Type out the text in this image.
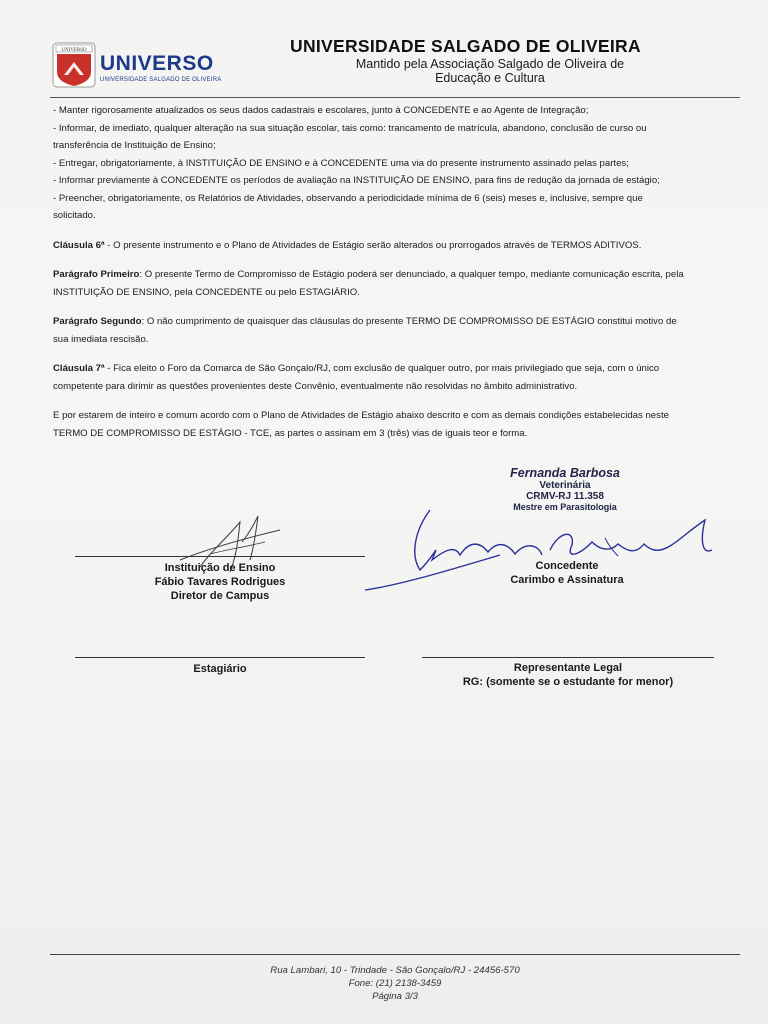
UNIVERSO
UNIVERSO
UNIVERSIDADE SALGADO DE OLIVEIRA
UNIVERSIDADE SALGADO DE OLIVEIRA
Mantido pela Associação Salgado de Oliveira de
Educação e Cultura

- Manter rigorosamente atualizados os seus dados cadastrais e escolares, junto à CONCEDENTE e ao Agente de Integração;

- Informar, de imediato, qualquer alteração na sua situação escolar, tais como: trancamento de matrícula, abandono, conclusão de curso ou

transferência de Instituição de Ensino;

- Entregar, obrigatoriamente, à INSTITUIÇÃO DE ENSINO e à CONCEDENTE uma via do presente instrumento assinado pelas partes;

- Informar previamente à CONCEDENTE os períodos de avaliação na INSTITUIÇÃO DE ENSINO, para fins de redução da jornada de estágio;

- Preencher, obrigatoriamente, os Relatórios de Atividades, observando a periodicidade mínima de 6 (seis) meses e, inclusive, sempre que

solicitado.

Cláusula 6ª - O presente instrumento e o Plano de Atividades de Estágio serão alterados ou prorrogados através de TERMOS ADITIVOS.

Parágrafo Primeiro: O presente Termo de Compromisso de Estágio poderá ser denunciado, a qualquer tempo, mediante comunicação escrita, pela

INSTITUIÇÃO DE ENSINO, pela CONCEDENTE ou pelo ESTAGIÁRIO.

Parágrafo Segundo: O não cumprimento de quaisquer das cláusulas do presente TERMO DE COMPROMISSO DE ESTÁGIO constitui motivo de

sua imediata rescisão.

Cláusula 7ª - Fica eleito o Foro da Comarca de São Gonçalo/RJ, com exclusão de qualquer outro, por mais privilegiado que seja, com o único

competente para dirimir as questões provenientes deste Convênio, eventualmente não resolvidas no âmbito administrativo.

E por estarem de inteiro e comum acordo com o Plano de Atividades de Estágio abaixo descrito e com as demais condições estabelecidas neste

TERMO DE COMPROMISSO DE ESTÁGIO - TCE, as partes o assinam em 3 (três) vias de iguais teor e forma.

Fernanda Barbosa
Veterinária
CRMV-RJ 11.358
Mestre em Parasitologia
Instituição de Ensino
Fábio Tavares Rodrigues
Diretor de Campus
Concedente
Carimbo e Assinatura
Estagiário	Representante Legal
RG: (somente se o estudante for menor)
Rua Lambari, 10 - Trindade - São Gonçalo/RJ - 24456-570
Fone: (21) 2138-3459
Página 3/3
